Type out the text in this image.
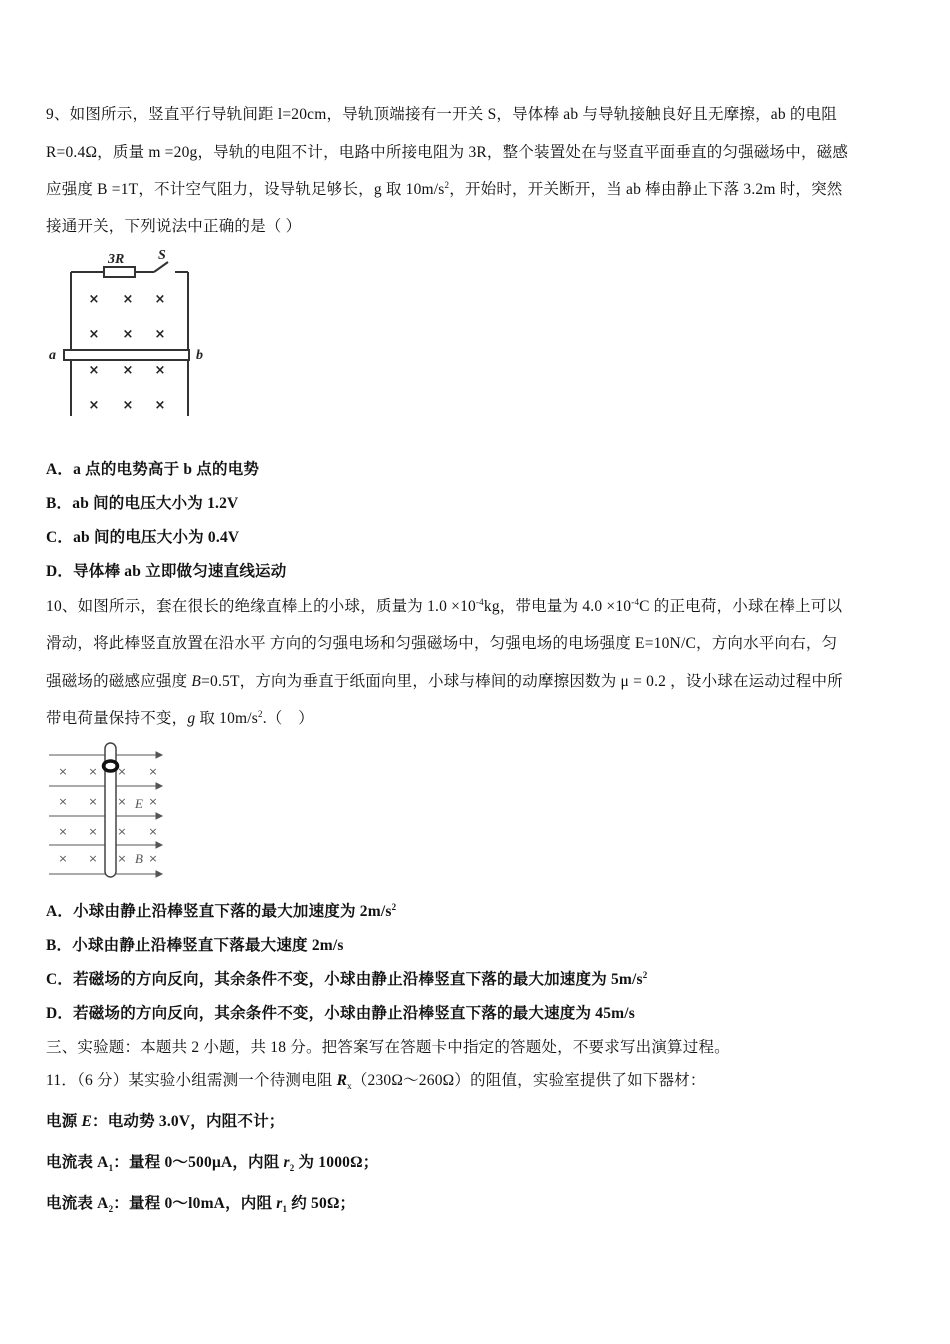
9、如图所示，竖直平行导轨间距 l=20cm，导轨顶端接有一开关 S，导体棒 ab 与导轨接触良好且无摩擦，ab 的电阻
R=0.4Ω，质量 m =20g，导轨的电阻不计，电路中所接电阻为 3R，整个装置处在与竖直平面垂直的匀强磁场中，磁感
应强度 B =1T，不计空气阻力，设导轨足够长，g 取 $10m/s^2$，开始时，开关断开，当 ab 棒由静止下落 3.2m 时，突然
接通开关，下列说法中正确的是（ ）
3R S
a	b
× × ×
× × ×
× × ×
× × ×
A．a 点的电势高于 b 点的电势
B．ab 间的电压大小为 1.2V
C．ab 间的电压大小为 0.4V
D．导体棒 ab 立即做匀速直线运动
10、如图所示，套在很长的绝缘直棒上的小球，质量为 $1.0 \times 10^{-4}kg$，带电量为 $4.0 \times 10^{-4}C$ 的正电荷，小球在棒上可以
滑动，将此棒竖直放置在沿水平 方向的匀强电场和匀强磁场中，匀强电场的电场强度 E=10N/C，方向水平向右，匀
强磁场的磁感应强度 B=0.5T，方向为垂直于纸面向里，小球与棒间的动摩擦因数为 μ = 0.2 ，设小球在运动过程中所
带电荷量保持不变，g 取 $10m/s^2$.（　）
× × × ×
× × × ×
× × × ×
× × × ×
E
B
A．小球由静止沿棒竖直下落的最大加速度为 $2m/s^2$
B．小球由静止沿棒竖直下落最大速度 2m/s
C．若磁场的方向反向，其余条件不变，小球由静止沿棒竖直下落的最大加速度为 $5m/s^2$
D．若磁场的方向反向，其余条件不变，小球由静止沿棒竖直下落的最大速度为 45m/s
三、实验题：本题共 2 小题，共 18 分。把答案写在答题卡中指定的答题处，不要求写出演算过程。
11．（6 分）某实验小组需测一个待测电阻 $R_x(230\Omega\sim 260\Omega)$的阻值，实验室提供了如下器材：
电源 E：电动势 3.0V，内阻不计；
电流表 $A_1$：量程 0～500μA，内阻 $r_2$ 为 1000Ω；
电流表 $A_2$：量程 0～l0mA，内阻 $r_1$ 约 50Ω；
